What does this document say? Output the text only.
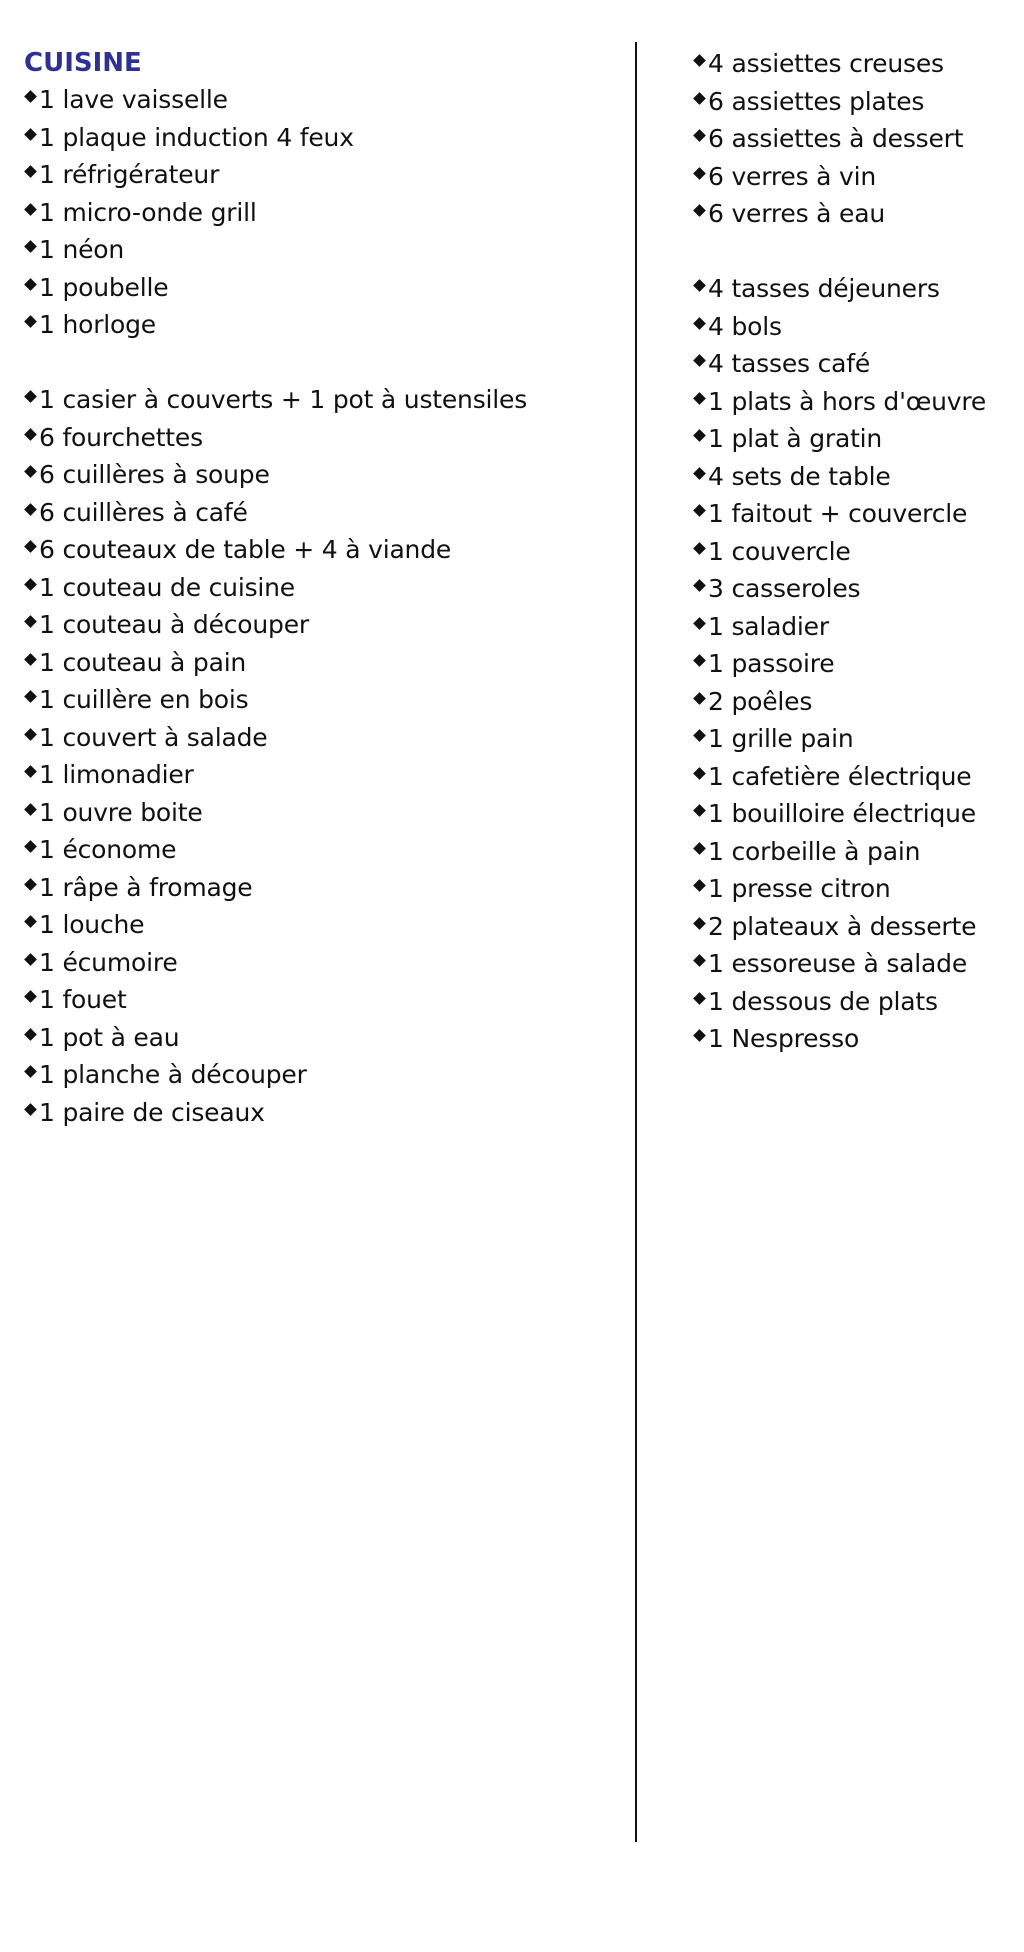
CUISINE
1 lave vaisselle
1 plaque induction 4 feux
1 réfrigérateur
1 micro-onde grill
1 néon
1 poubelle
1 horloge
1 casier à couverts + 1 pot à ustensiles
6 fourchettes
6 cuillères à soupe
6 cuillères à café
6 couteaux de table + 4 à viande
1 couteau de cuisine
1 couteau à découper
1 couteau à pain
1 cuillère en bois
1 couvert à salade
1 limonadier
1 ouvre boite
1 économe
1 râpe à fromage
1 louche
1 écumoire
1 fouet
1 pot à eau
1 planche à découper
1 paire de ciseaux
4 assiettes creuses
6 assiettes plates
6 assiettes à dessert
6 verres à vin
6 verres à eau
4 tasses déjeuners
4 bols
4 tasses café
1 plats à hors d'œuvre
1 plat à gratin
4 sets de table
1 faitout + couvercle
1 couvercle
3 casseroles
1 saladier
1 passoire
2 poêles
1 grille pain
1 cafetière électrique
1 bouilloire électrique
1 corbeille à pain
1 presse citron
2 plateaux à desserte
1 essoreuse à salade
1 dessous de plats
1 Nespresso
